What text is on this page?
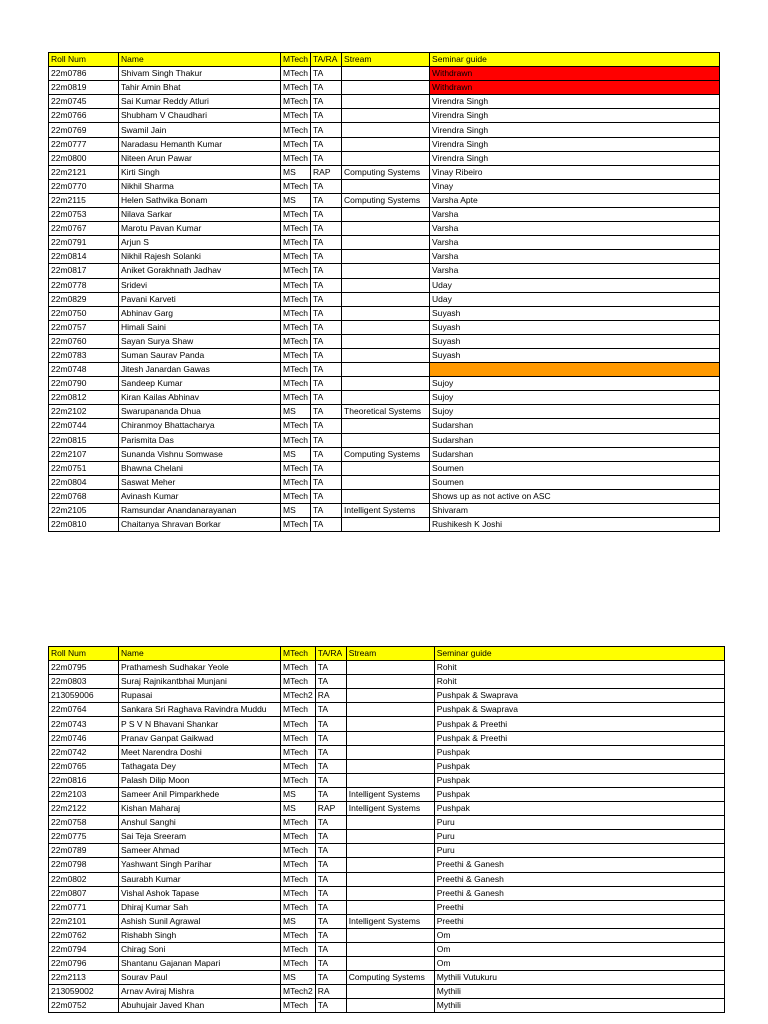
Roll Num	Name	MTech	TA/RA	Stream	Seminar guide
22m0786	Shivam Singh Thakur	MTech	TA		Withdrawn
22m0819	Tahir Amin Bhat	MTech	TA		Withdrawn
22m0745	Sai Kumar Reddy Atluri	MTech	TA		Virendra Singh
22m0766	Shubham V Chaudhari	MTech	TA		Virendra Singh
22m0769	Swamil Jain	MTech	TA		Virendra Singh
22m0777	Naradasu Hemanth Kumar	MTech	TA		Virendra Singh
22m0800	Niteen Arun Pawar	MTech	TA		Virendra Singh
22m2121	Kirti Singh	MS	RAP	Computing Systems	Vinay Ribeiro
22m0770	Nikhil Sharma	MTech	TA		Vinay
22m2115	Helen Sathvika Bonam	MS	TA	Computing Systems	Varsha Apte
22m0753	Nilava Sarkar	MTech	TA		Varsha
22m0767	Marotu Pavan Kumar	MTech	TA		Varsha
22m0791	Arjun S	MTech	TA		Varsha
22m0814	Nikhil Rajesh Solanki	MTech	TA		Varsha
22m0817	Aniket Gorakhnath Jadhav	MTech	TA		Varsha
22m0778	Sridevi	MTech	TA		Uday
22m0829	Pavani Karveti	MTech	TA		Uday
22m0750	Abhinav Garg	MTech	TA		Suyash
22m0757	Himali Saini	MTech	TA		Suyash
22m0760	Sayan Surya Shaw	MTech	TA		Suyash
22m0783	Suman Saurav Panda	MTech	TA		Suyash
22m0748	Jitesh Janardan Gawas	MTech	TA		
22m0790	Sandeep Kumar	MTech	TA		Sujoy
22m0812	Kiran Kailas Abhinav	MTech	TA		Sujoy
22m2102	Swarupananda Dhua	MS	TA	Theoretical Systems	Sujoy
22m0744	Chiranmoy Bhattacharya	MTech	TA		Sudarshan
22m0815	Parismita Das	MTech	TA		Sudarshan
22m2107	Sunanda Vishnu Somwase	MS	TA	Computing Systems	Sudarshan
22m0751	Bhawna Chelani	MTech	TA		Soumen
22m0804	Saswat Meher	MTech	TA		Soumen
22m0768	Avinash Kumar	MTech	TA		Shows up as not active on ASC
22m2105	Ramsundar Anandanarayanan	MS	TA	Intelligent Systems	Shivaram
22m0810	Chaitanya Shravan Borkar	MTech	TA		Rushikesh K Joshi
Roll Num	Name	MTech	TA/RA	Stream	Seminar guide
22m0795	Prathamesh Sudhakar Yeole	MTech	TA		Rohit
22m0803	Suraj Rajnikantbhai Munjani	MTech	TA		Rohit
213059006	Rupasai	MTech2	RA		Pushpak & Swaprava
22m0764	Sankara Sri Raghava Ravindra Muddu	MTech	TA		Pushpak & Swaprava
22m0743	P S V N Bhavani Shankar	MTech	TA		Pushpak & Preethi
22m0746	Pranav Ganpat Gaikwad	MTech	TA		Pushpak & Preethi
22m0742	Meet Narendra Doshi	MTech	TA		Pushpak
22m0765	Tathagata Dey	MTech	TA		Pushpak
22m0816	Palash Dilip Moon	MTech	TA		Pushpak
22m2103	Sameer Anil Pimparkhede	MS	TA	Intelligent Systems	Pushpak
22m2122	Kishan Maharaj	MS	RAP	Intelligent Systems	Pushpak
22m0758	Anshul Sanghi	MTech	TA		Puru
22m0775	Sai Teja Sreeram	MTech	TA		Puru
22m0789	Sameer Ahmad	MTech	TA		Puru
22m0798	Yashwant Singh Parihar	MTech	TA		Preethi & Ganesh
22m0802	Saurabh Kumar	MTech	TA		Preethi & Ganesh
22m0807	Vishal Ashok Tapase	MTech	TA		Preethi & Ganesh
22m0771	Dhiraj Kumar Sah	MTech	TA		Preethi
22m2101	Ashish Sunil Agrawal	MS	TA	Intelligent Systems	Preethi
22m0762	Rishabh Singh	MTech	TA		Om
22m0794	Chirag Soni	MTech	TA		Om
22m0796	Shantanu Gajanan Mapari	MTech	TA		Om
22m2113	Sourav Paul	MS	TA	Computing Systems	Mythili Vutukuru
213059002	Arnav Aviraj Mishra	MTech2	RA		Mythili
22m0752	Abuhujair Javed Khan	MTech	TA		Mythili
